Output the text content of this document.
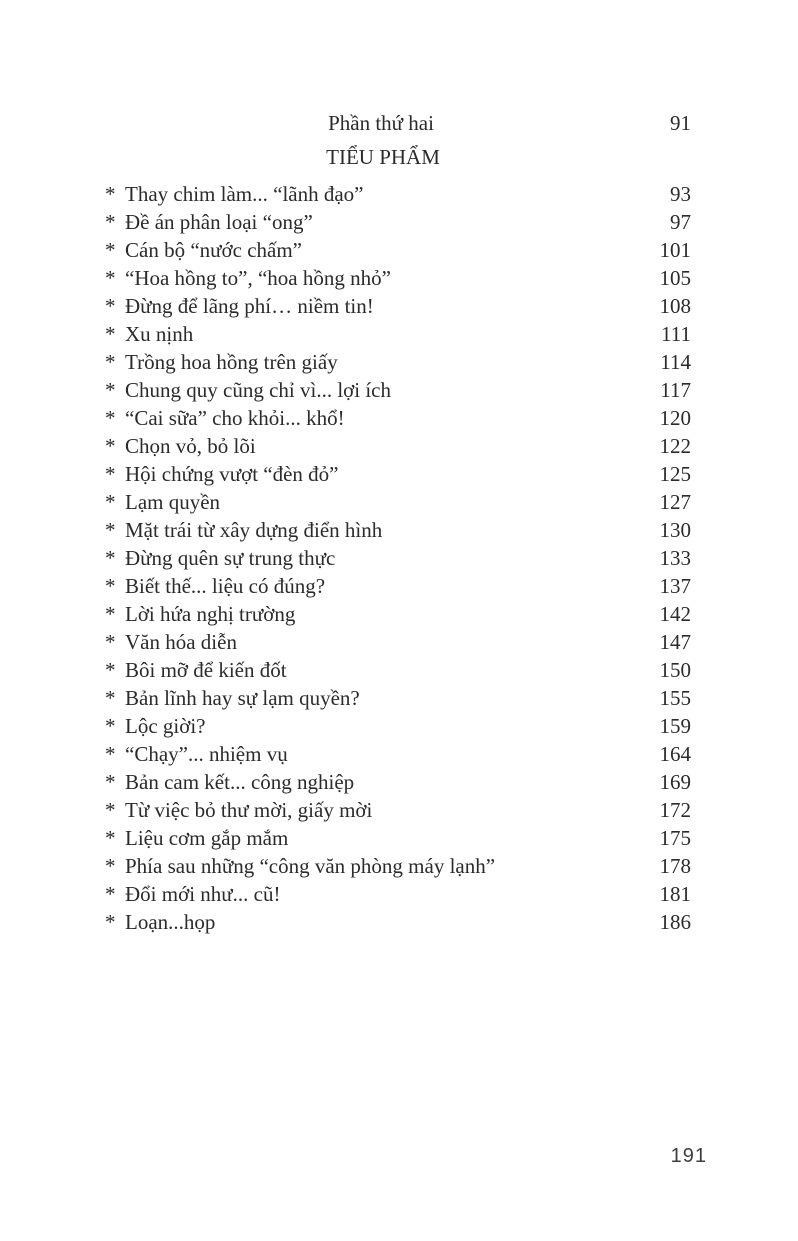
Phần thứ hai	91
TIỂU PHẨM
* Thay chim làm... “lãnh đạo”	93
* Đề án phân loại “ong”	97
* Cán bộ “nước chấm”	101
* “Hoa hồng to”, “hoa hồng nhỏ”	105
* Đừng để lãng phí… niềm tin!	108
* Xu nịnh	111
* Trồng hoa hồng trên giấy	114
* Chung quy cũng chỉ vì... lợi ích	117
* “Cai sữa” cho khỏi... khổ!	120
* Chọn vỏ, bỏ lõi	122
* Hội chứng vượt “đèn đỏ”	125
* Lạm quyền	127
* Mặt trái từ xây dựng điển hình	130
* Đừng quên sự trung thực	133
* Biết thế... liệu có đúng?	137
* Lời hứa nghị trường	142
* Văn hóa diễn	147
* Bôi mỡ để kiến đốt	150
* Bản lĩnh hay sự lạm quyền?	155
* Lộc giời?	159
* “Chạy”... nhiệm vụ	164
* Bản cam kết... công nghiệp	169
* Từ việc bỏ thư mời, giấy mời	172
* Liệu cơm gắp mắm	175
* Phía sau những “công văn phòng máy lạnh”	178
* Đổi mới như... cũ!	181
* Loạn...họp	186
191
